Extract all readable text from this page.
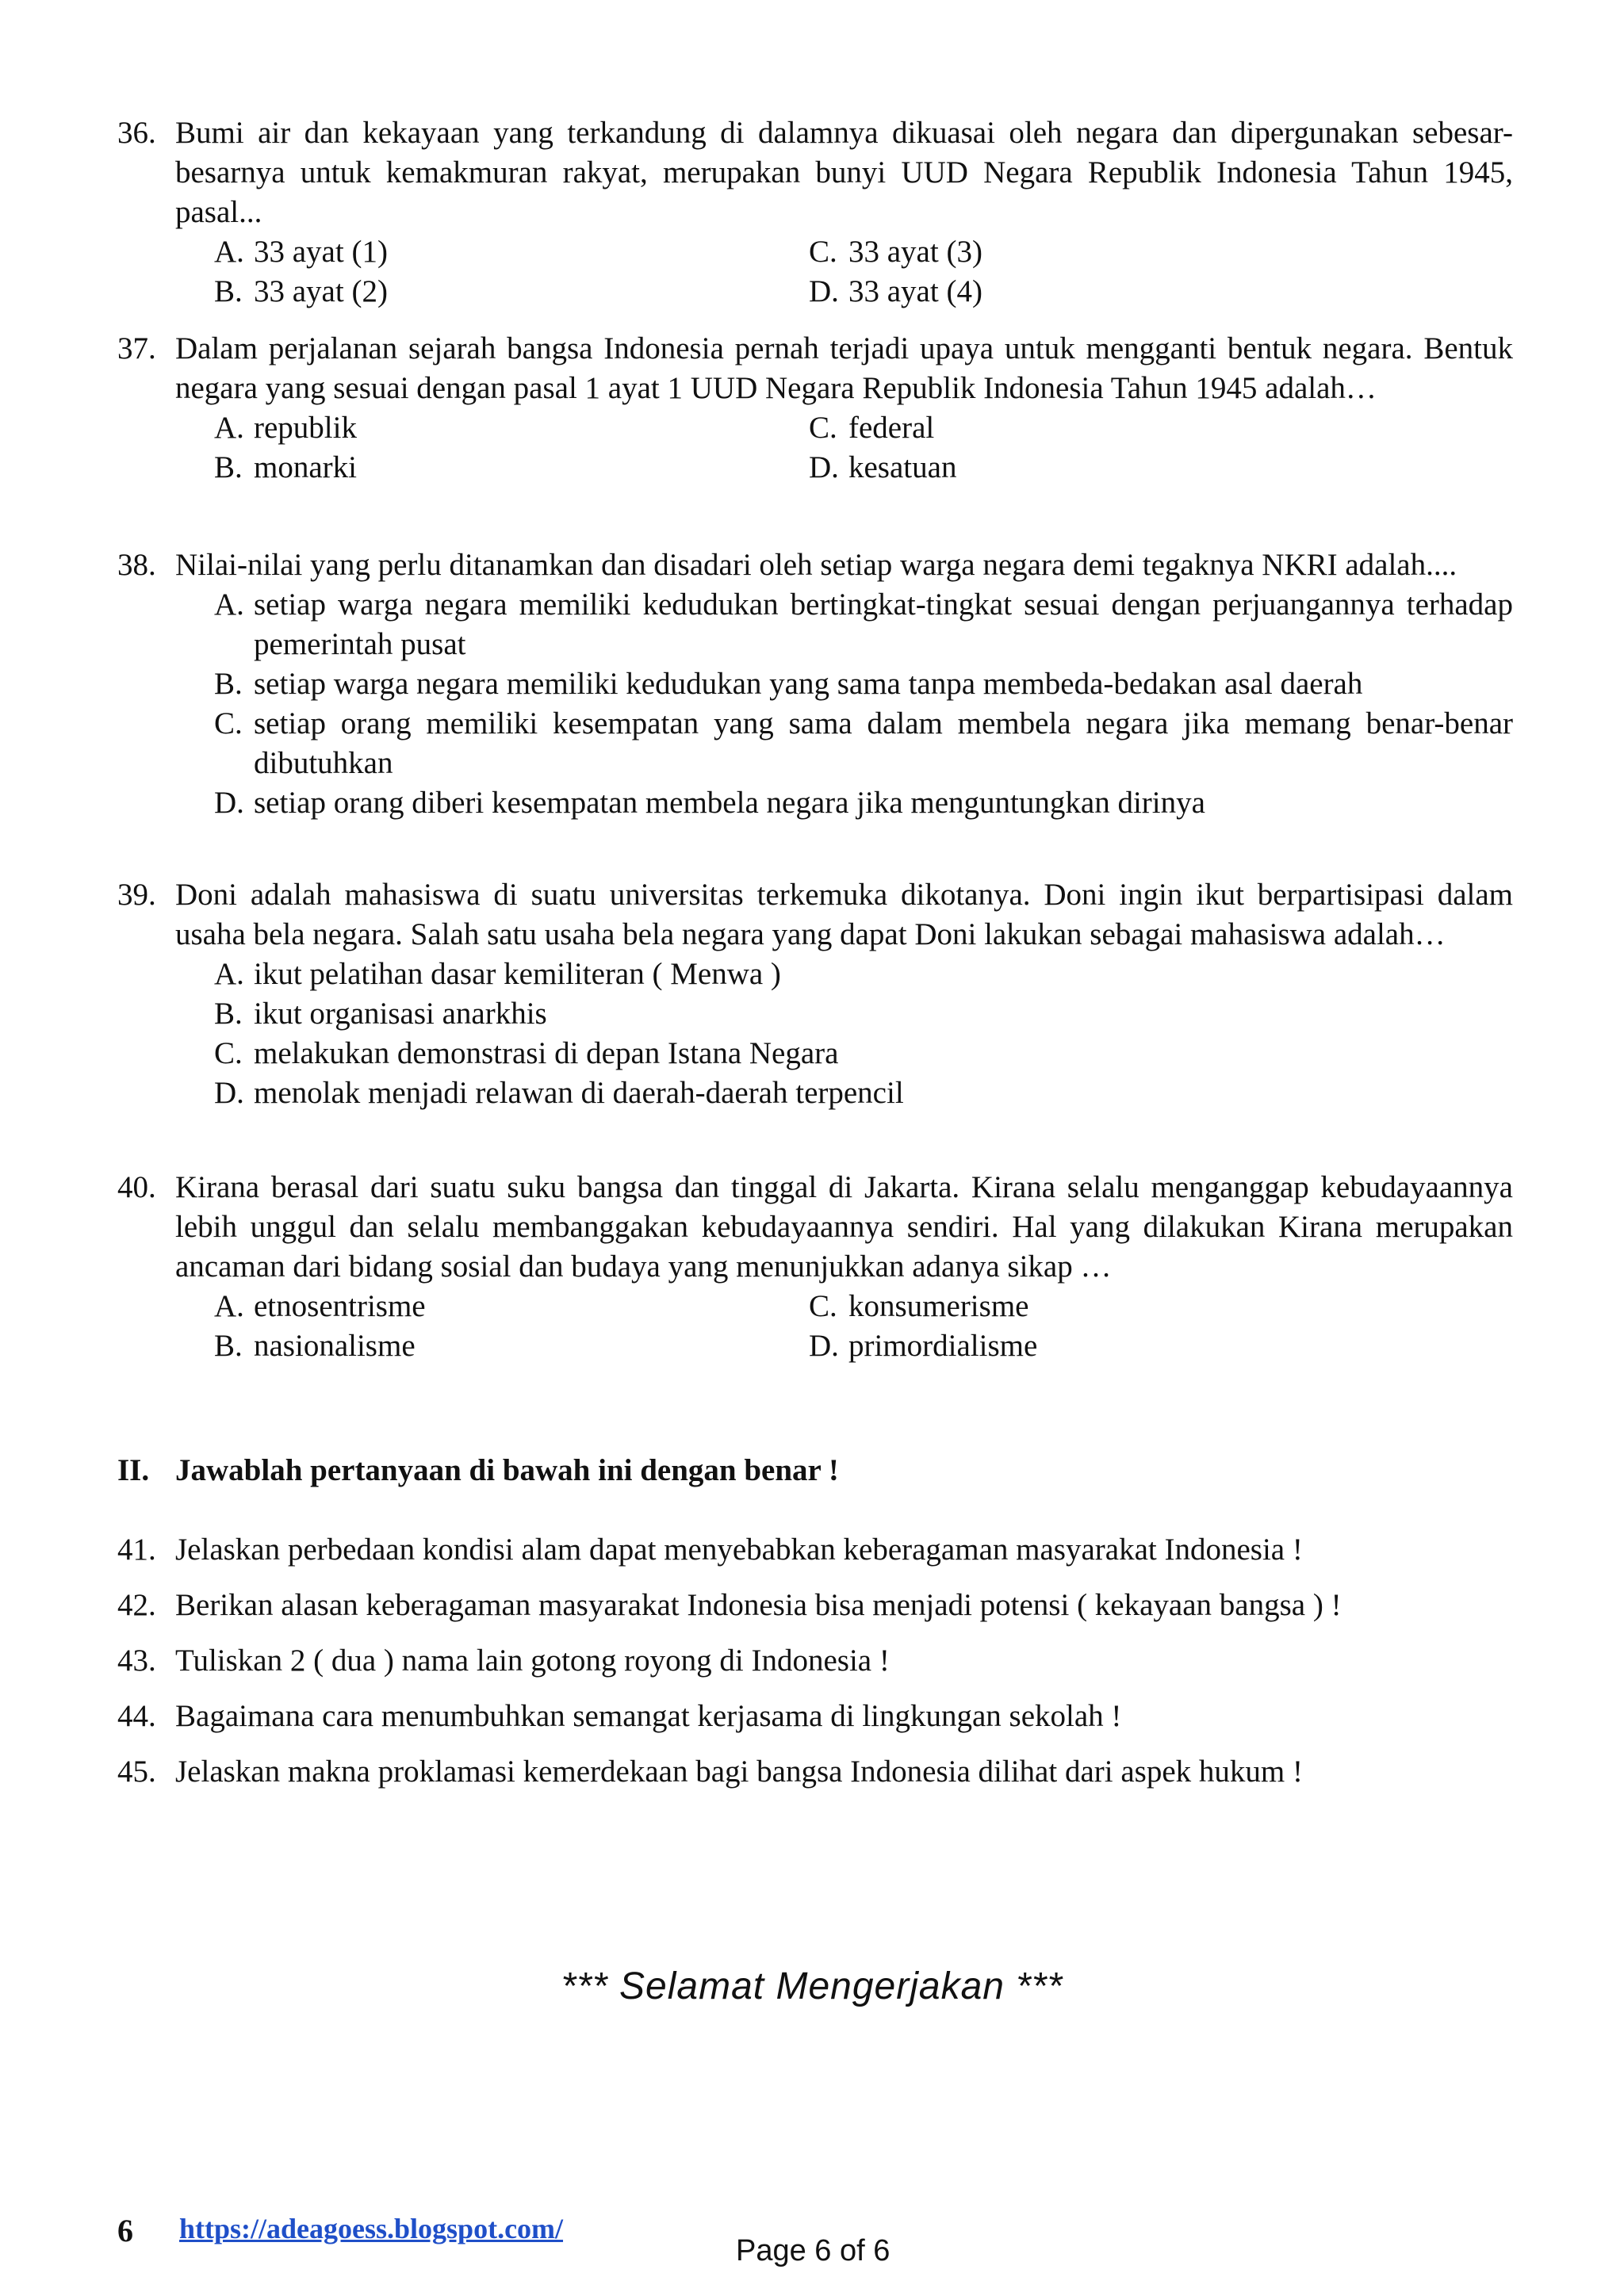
36. Bumi air dan kekayaan yang terkandung di dalamnya dikuasai oleh negara dan dipergunakan sebesar-besarnya untuk kemakmuran rakyat, merupakan bunyi UUD Negara Republik Indonesia Tahun 1945, pasal...
A. 33 ayat (1)	C. 33 ayat (3)
B. 33 ayat (2)	D. 33 ayat (4)
37. Dalam perjalanan sejarah bangsa Indonesia pernah terjadi upaya untuk mengganti bentuk negara. Bentuk negara yang sesuai dengan pasal 1 ayat 1 UUD Negara Republik Indonesia Tahun 1945 adalah…
A. republik	C. federal
B. monarki	D. kesatuan
38. Nilai-nilai yang perlu ditanamkan dan disadari oleh setiap warga negara demi tegaknya NKRI adalah....
A. setiap warga negara memiliki kedudukan bertingkat-tingkat sesuai dengan perjuangannya terhadap pemerintah pusat
B. setiap warga negara memiliki kedudukan yang sama tanpa membeda-bedakan asal daerah
C. setiap orang memiliki kesempatan yang sama dalam membela negara jika memang benar-benar dibutuhkan
D. setiap orang diberi kesempatan membela negara jika menguntungkan dirinya
39. Doni adalah mahasiswa di suatu universitas terkemuka dikotanya. Doni ingin ikut berpartisipasi dalam usaha bela negara. Salah satu usaha bela negara yang dapat Doni lakukan sebagai mahasiswa adalah…
A. ikut pelatihan dasar kemiliteran ( Menwa )
B. ikut organisasi anarkhis
C. melakukan demonstrasi di depan Istana Negara
D. menolak menjadi relawan di daerah-daerah terpencil
40. Kirana berasal dari suatu suku bangsa dan tinggal di Jakarta. Kirana selalu menganggap kebudayaannya lebih unggul dan selalu membanggakan kebudayaannya sendiri. Hal yang dilakukan Kirana merupakan ancaman dari bidang sosial dan budaya yang menunjukkan adanya sikap …
A. etnosentrisme	C. konsumerisme
B. nasionalisme	D. primordialisme
II. Jawablah pertanyaan di bawah ini dengan benar !
41. Jelaskan perbedaan kondisi alam dapat menyebabkan keberagaman masyarakat Indonesia !
42. Berikan alasan keberagaman masyarakat Indonesia bisa menjadi potensi ( kekayaan bangsa ) !
43. Tuliskan 2 ( dua ) nama lain gotong royong di Indonesia !
44. Bagaimana cara menumbuhkan semangat kerjasama di lingkungan sekolah !
45. Jelaskan makna proklamasi kemerdekaan bagi bangsa Indonesia dilihat dari aspek hukum !
*** Selamat Mengerjakan ***
6 https://adeagoess.blogspot.com/
Page 6 of 6
